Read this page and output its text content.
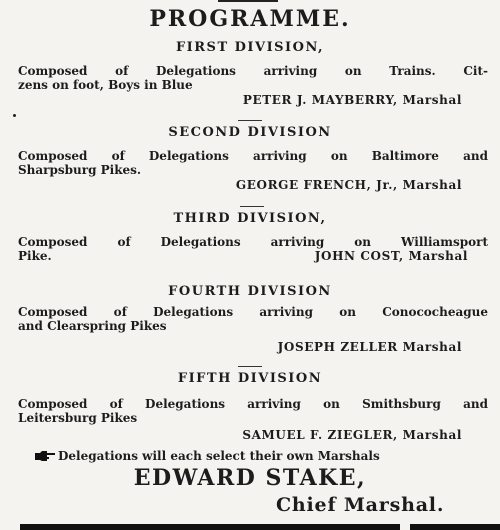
PROGRAMME.
FIRST DIVISION,
Composed of Delegations arriving on Trains. Cit-
zens on foot, Boys in Blue
PETER J. MAYBERRY, Marshal
SECOND DIVISION
Composed of Delegations arriving on Baltimore and
Sharpsburg Pikes.
GEORGE FRENCH, Jr., Marshal
THIRD DIVISION,
Composed of Delegations arriving on Williamsport
Pike.	JOHN COST, Marshal
FOURTH DIVISION
Composed of Delegations arriving on Conococheague
and Clearspring Pikes
JOSEPH ZELLER Marshal
FIFTH DIVISION
Composed of Delegations arriving on Smithsburg and
Leitersburg Pikes
SAMUEL F. ZIEGLER, Marshal
Delegations will each select their own Marshals
EDWARD STAKE,
Chief Marshal.
